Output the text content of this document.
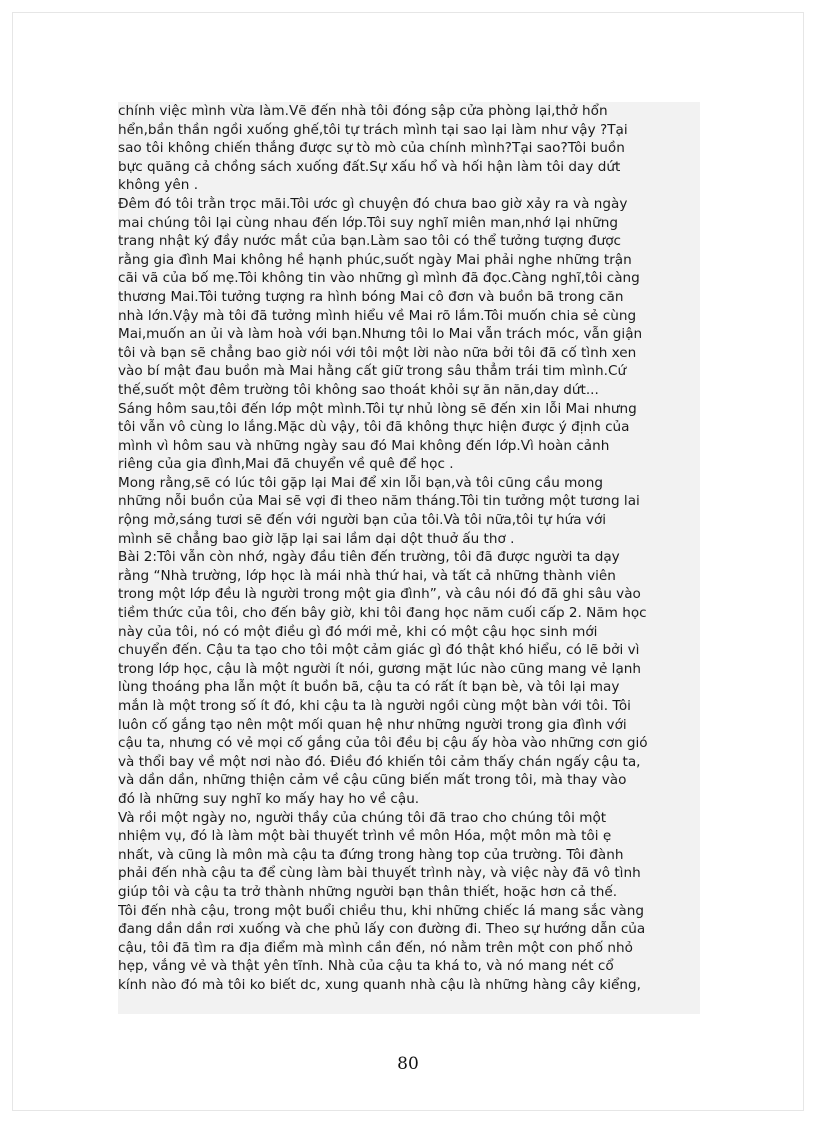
chính việc mình vừa làm.Vẽ đến nhà tôi đóng sập cửa phòng lại,thở hổn
hển,bần thần ngồi xuống ghế,tôi tự trách mình tại sao lại làm như vậy ?Tại
sao tôi không chiến thắng được sự tò mò của chính mình?Tại sao?Tôi buồn
bực quăng cả chồng sách xuống đất.Sự xấu hổ và hối hận làm tôi day dứt
không yên .
Đêm đó tôi trằn trọc mãi.Tôi ước gì chuyện đó chưa bao giờ xảy ra và ngày
mai chúng tôi lại cùng nhau đến lớp.Tôi suy nghĩ miên man,nhớ lại những
trang nhật ký đầy nước mắt của bạn.Làm sao tôi có thể tưởng tượng được
rằng gia đình Mai không hề hạnh phúc,suốt ngày Mai phải nghe những trận
cãi vã của bố mẹ.Tôi không tin vào những gì mình đã đọc.Càng nghĩ,tôi càng
thương Mai.Tôi tưởng tượng ra hình bóng Mai cô đơn và buồn bã trong căn
nhà lớn.Vậy mà tôi đã tưởng mình hiểu về Mai rõ lắm.Tôi muốn chia sẻ cùng
Mai,muốn an ủi và làm hoà với bạn.Nhưng tôi lo Mai vẫn trách móc, vẫn giận
tôi và bạn sẽ chẳng bao giờ nói với tôi một lời nào nữa bởi tôi đã cố tình xen
vào bí mật đau buồn mà Mai hằng cất giữ trong sâu thẳm trái tim mình.Cứ
thế,suốt một đêm trường tôi không sao thoát khỏi sự ăn năn,day dứt...
Sáng hôm sau,tôi đến lớp một mình.Tôi tự nhủ lòng sẽ đến xin lỗi Mai nhưng
tôi vẫn vô cùng lo lắng.Mặc dù vậy, tôi đã không thực hiện được ý định của
mình vì hôm sau và những ngày sau đó Mai không đến lớp.Vì hoàn cảnh
riêng của gia đình,Mai đã chuyển về quê để học .
Mong rằng,sẽ có lúc tôi gặp lại Mai để xin lỗi bạn,và tôi cũng cầu mong
những nỗi buồn của Mai sẽ vợi đi theo năm tháng.Tôi tin tưởng một tương lai
rộng mở,sáng tươi sẽ đến với người bạn của tôi.Và tôi nữa,tôi tự hứa với
mình sẽ chẳng bao giờ lặp lại sai lầm dại dột thuở ấu thơ .
Bài 2:Tôi vẫn còn nhớ, ngày đầu tiên đến trường, tôi đã được người ta dạy
rằng “Nhà trường, lớp học là mái nhà thứ hai, và tất cả những thành viên
trong một lớp đều là người trong một gia đình”, và câu nói đó đã ghi sâu vào
tiềm thức của tôi, cho đến bây giờ, khi tôi đang học năm cuối cấp 2. Năm học
này của tôi, nó có một điều gì đó mới mẻ, khi có một cậu học sinh mới
chuyển đến. Cậu ta tạo cho tôi một cảm giác gì đó thật khó hiểu, có lẽ bởi vì
trong lớp học, cậu là một người ít nói, gương mặt lúc nào cũng mang vẻ lạnh
lùng thoáng pha lẫn một ít buồn bã, cậu ta có rất ít bạn bè, và tôi lại may
mắn là một trong số ít đó, khi cậu ta là người ngồi cùng một bàn với tôi. Tôi
luôn cố gắng tạo nên một mối quan hệ như những người trong gia đình với
cậu ta, nhưng có vẻ mọi cố gắng của tôi đều bị cậu ấy hòa vào những cơn gió
và thổi bay về một nơi nào đó. Điều đó khiến tôi cảm thấy chán ngấy cậu ta,
và dần dần, những thiện cảm về cậu cũng biến mất trong tôi, mà thay vào
đó là những suy nghĩ ko mấy hay ho về cậu.
Và rồi một ngày no, người thầy của chúng tôi đã trao cho chúng tôi một
nhiệm vụ, đó là làm một bài thuyết trình về môn Hóa, một môn mà tôi ẹ
nhất, và cũng là môn mà cậu ta đứng trong hàng top của trường. Tôi đành
phải đến nhà cậu ta để cùng làm bài thuyết trình này, và việc này đã vô tình
giúp tôi và cậu ta trở thành những người bạn thân thiết, hoặc hơn cả thế.
Tôi đến nhà cậu, trong một buổi chiều thu, khi những chiếc lá mang sắc vàng
đang dần dần rơi xuống và che phủ lấy con đường đi. Theo sự hướng dẫn của
cậu, tôi đã tìm ra địa điểm mà mình cần đến, nó nằm trên một con phố nhỏ
hẹp, vắng vẻ và thật yên tĩnh. Nhà của cậu ta khá to, và nó mang nét cổ
kính nào đó mà tôi ko biết dc, xung quanh nhà cậu là những hàng cây kiểng,
80
